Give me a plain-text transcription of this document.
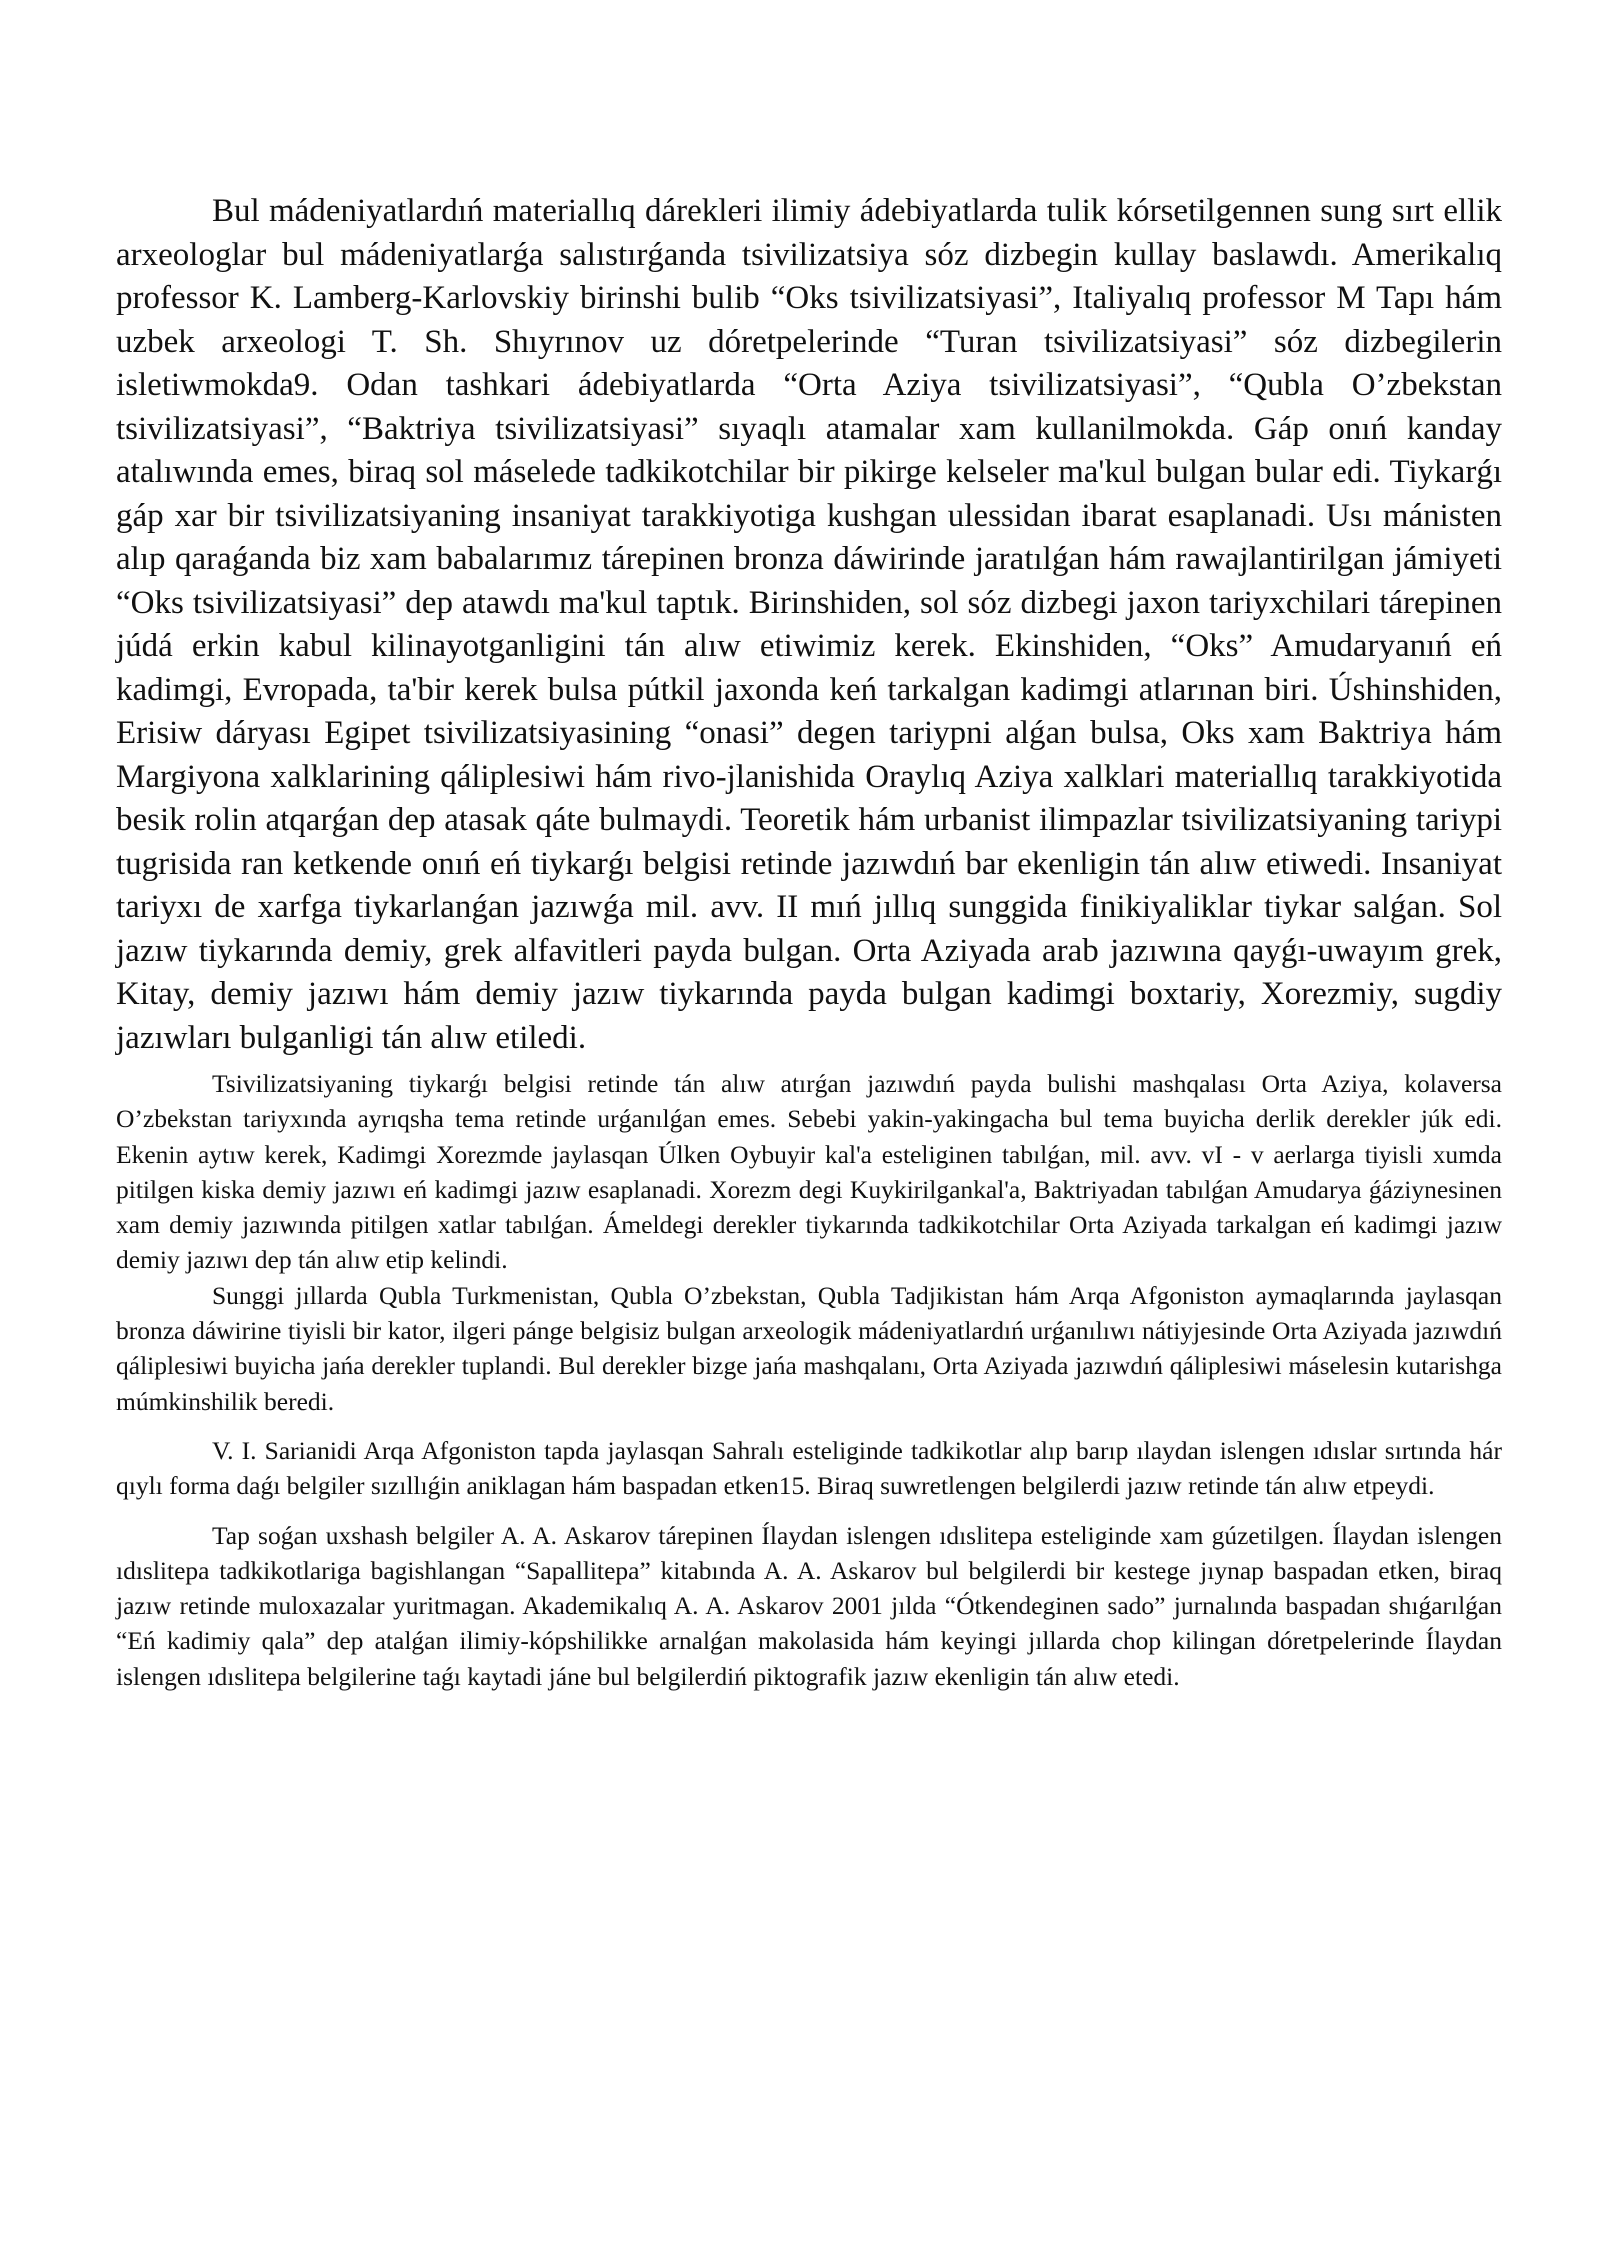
Bul mádeniyatlardıń materiallıq dárekleri ilimiy ádebiyatlarda tulik kórsetilgennen sung sırt ellik arxeologlar bul mádeniyatlarǵa salıstırǵanda tsivilizatsiya sóz dizbegin kullay baslawdı. Amerikalıq professor K. Lamberg-Karlovskiy birinshi bulib “Oks tsivilizatsiyasi”, Italiyalıq professor M Tapı hám uzbek arxeologi T. Sh. Shıyrınov uz dóretpelerinde “Turan tsivilizatsiyasi” sóz dizbegilerin isletiwmokda9. Odan tashkari ádebiyatlarda “Orta Aziya tsivilizatsiyasi”, “Qubla O’zbekstan tsivilizatsiyasi”, “Baktriya tsivilizatsiyasi” sıyaqlı atamalar xam kullanilmokda. Gáp onıń kanday atalıwında emes, biraq sol máselede tadkikotchilar bir pikirge kelseler ma'kul bulgan bular edi. Tiykarǵı gáp xar bir tsivilizatsiyaning insaniyat tarakkiyotiga kushgan ulessidan ibarat esaplanadi. Usı mánisten alıp qaraǵanda biz xam babalarımız tárepinen bronza dáwirinde jaratılǵan hám rawajlantirilgan jámiyeti “Oks tsivilizatsiyasi” dep atawdı ma'kul taptık. Birinshiden, sol sóz dizbegi jaxon tariyxchilari tárepinen júdá erkin kabul kilinayotganligini tán alıw etiwimiz kerek. Ekinshiden, “Oks” Amudaryanıń eń kadimgi, Evropada, ta'bir kerek bulsa pútkil jaxonda keń tarkalgan kadimgi atlarınan biri. Úshinshiden, Erisiw dáryası Egipet tsivilizatsiyasining “onasi” degen tariypni alǵan bulsa, Oks xam Baktriya hám Margiyona xalklarining qáliplesiwi hám rivo-jlanishida Oraylıq Aziya xalklari materiallıq tarakkiyotida besik rolin atqarǵan dep atasak qáte bulmaydi. Teoretik hám urbanist ilimpazlar tsivilizatsiyaning tariypi tugrisida ran ketkende onıń eń tiykarǵı belgisi retinde jazıwdıń bar ekenligin tán alıw etiwedi. Insaniyat tariyxı de xarfga tiykarlanǵan jazıwǵa mil. avv. II mıń jıllıq sunggida finikiyaliklar tiykar salǵan. Sol jazıw tiykarında demiy, grek alfavitleri payda bulgan. Orta Aziyada arab jazıwına qayǵı-uwayım grek, Kitay, demiy jazıwı hám demiy jazıw tiykarında payda bulgan kadimgi boxtariy, Xorezmiy, sugdiy jazıwları bulganligi tán alıw etiledi.

Tsivilizatsiyaning tiykarǵı belgisi retinde tán alıw atırǵan jazıwdıń payda bulishi mashqalası Orta Aziya, kolaversa O’zbekstan tariyxında ayrıqsha tema retinde urǵanılǵan emes. Sebebi yakin-yakingacha bul tema buyicha derlik derekler júk edi. Ekenin aytıw kerek, Kadimgi Xorezmde jaylasqan Úlken Oybuyir kal'a esteliginen tabılǵan, mil. avv. vI - v aerlarga tiyisli xumda pitilgen kiska demiy jazıwı eń kadimgi jazıw esaplanadi. Xorezm degi Kuykirilgankal'a, Baktriyadan tabılǵan Amudarya ǵáziynesinen xam demiy jazıwında pitilgen xatlar tabılǵan. Ámeldegi derekler tiykarında tadkikotchilar Orta Aziyada tarkalgan eń kadimgi jazıw demiy jazıwı dep tán alıw etip kelindi.

Sunggi jıllarda Qubla Turkmenistan, Qubla O’zbekstan, Qubla Tadjikistan hám Arqa Afgoniston aymaqlarında jaylasqan bronza dáwirine tiyisli bir kator, ilgeri pánge belgisiz bulgan arxeologik mádeniyatlardıń urǵanılıwı nátiyjesinde Orta Aziyada jazıwdıń qáliplesiwi buyicha jańa derekler tuplandi. Bul derekler bizge jańa mashqalanı, Orta Aziyada jazıwdıń qáliplesiwi máselesin kutarishga múmkinshilik beredi.

V. I. Sarianidi Arqa Afgoniston tapda jaylasqan Sahralı esteliginde tadkikotlar alıp barıp ılaydan islengen ıdıslar sırtında hár qıylı forma daǵı belgiler sızıllıǵin aniklagan hám baspadan etken15. Biraq suwretlengen belgilerdi jazıw retinde tán alıw etpeydi.

Tap soǵan uxshash belgiler A. A. Askarov tárepinen Ílaydan islengen ıdıslitepa esteliginde xam gúzetilgen. Ílaydan islengen ıdıslitepa tadkikotlariga bagishlangan “Sapallitepa” kitabında A. A. Askarov bul belgilerdi bir kestege jıynap baspadan etken, biraq jazıw retinde muloxazalar yuritmagan. Akademikalıq A. A. Askarov 2001 jılda “Ótkendeginen sado” jurnalında baspadan shıǵarılǵan “Eń kadimiy qala” dep atalǵan ilimiy-kópshilikke arnalǵan makolasida hám keyingi jıllarda chop kilingan dóretpelerinde Ílaydan islengen ıdıslitepa belgilerine taǵı kaytadi jáne bul belgilerdiń piktografik jazıw ekenligin tán alıw etedi.
